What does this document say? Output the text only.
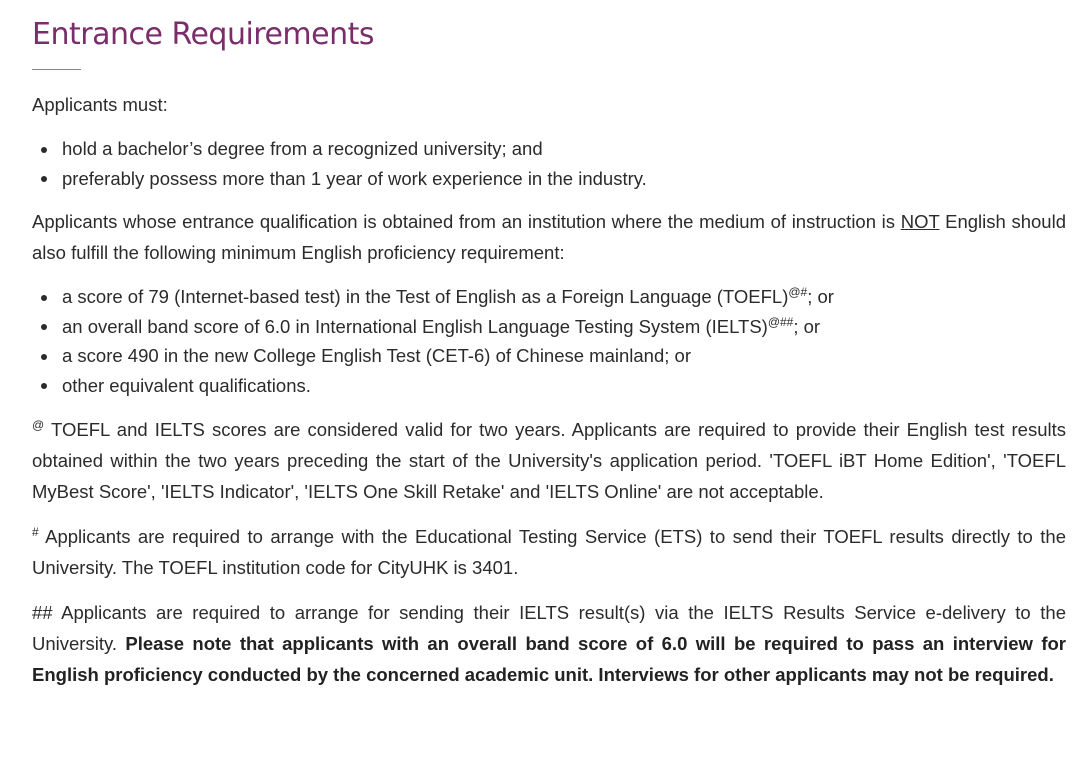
Entrance Requirements

Applicants must:

hold a bachelor’s degree from a recognized university; and
preferably possess more than 1 year of work experience in the industry.

Applicants whose entrance qualification is obtained from an institution where the medium of instruction is NOT English should also fulfill the following minimum English proficiency requirement:

a score of 79 (Internet-based test) in the Test of English as a Foreign Language (TOEFL)@#; or
an overall band score of 6.0 in International English Language Testing System (IELTS)@##; or
a score 490 in the new College English Test (CET-6) of Chinese mainland; or
other equivalent qualifications.

@ TOEFL and IELTS scores are considered valid for two years. Applicants are required to provide their English test results obtained within the two years preceding the start of the University's application period. 'TOEFL iBT Home Edition', 'TOEFL MyBest Score', 'IELTS Indicator', 'IELTS One Skill Retake' and 'IELTS Online' are not acceptable.

# Applicants are required to arrange with the Educational Testing Service (ETS) to send their TOEFL results directly to the University. The TOEFL institution code for CityUHK is 3401.

## Applicants are required to arrange for sending their IELTS result(s) via the IELTS Results Service e-delivery to the University. Please note that applicants with an overall band score of 6.0 will be required to pass an interview for English proficiency conducted by the concerned academic unit. Interviews for other applicants may not be required.
